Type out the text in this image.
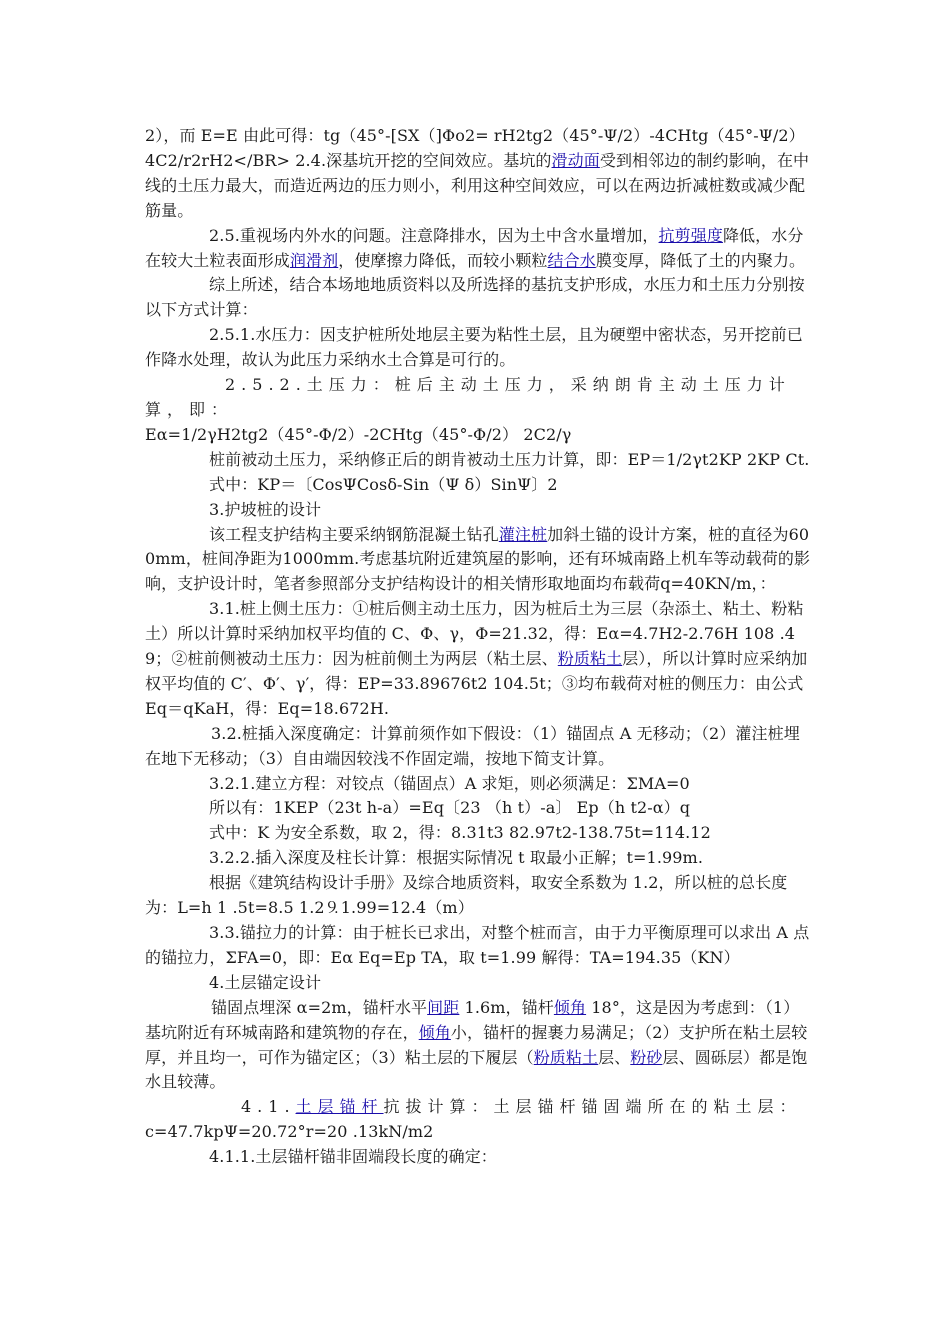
2），而 E=E 由此可得：tg（45°-[SX（]Φo2= rH2tg2（45°-Ψ/2）-4CHtg（45°-Ψ/2） 4C2/r2rH2</BR> 2.4.深基坑开挖的空间效应。基坑的滑动面受到相邻边的制约影响，在中线的土压力最大，而造近两边的压力则小，利用这种空间效应，可以在两边折减桩数或减少配筋量。

2.5.重视场内外水的问题。注意降排水，因为土中含水量增加，抗剪强度降低，水分在较大土粒表面形成润滑剂，使摩擦力降低，而较小颗粒结合水膜变厚，降低了土的内聚力。

综上所述，结合本场地地质资料以及所选择的基抗支护形成，水压力和土压力分别按以下方式计算：

2.5.1.水压力：因支护桩所处地层主要为粘性土层，且为硬塑中密状态，另开挖前已作降水处理，故认为此压力采纳水土合算是可行的。

2.5.2.土压力：桩后主动土压力，采纳朗肯主动土压力计算，即：

Eα=1/2γH2tg2（45°-Φ/2）-2CHtg（45°-Φ/2） 2C2/γ

桩前被动土压力，采纳修正后的朗肯被动土压力计算，即：EP＝1/2γt2KP 2KP Ct.

式中：KP＝〔CosΨCosδ-Sin（Ψ δ）SinΨ〕2

3.护坡桩的设计

该工程支护结构主要采纳钢筋混凝土钻孔灌注桩加斜土锚的设计方案，桩的直径为600mm，桩间净距为1000mm.考虑基坑附近建筑屋的影响，还有环城南路上机车等动载荷的影响，支护设计时，笔者参照部分支护结构设计的相关情形取地面均布载荷q=40KN/m，：

3.1.桩上侧土压力：①桩后侧主动土压力，因为桩后土为三层（杂添土、粘土、粉粘土）所以计算时采纳加权平均值的 C、Φ、γ，Φ=21.32，得：Eα=4.7H2-2.76H 108 .49；②桩前侧被动土压力：因为桩前侧土为两层（粘土层、粉质粘土层），所以计算时应采纳加权平均值的 C′、Φ′、γ′，得：EP=33.89676t2 104.5t；③均布载荷对桩的侧压力：由公式 Eq＝qKaH，得：Eq=18.672H.

3.2.桩插入深度确定：计算前须作如下假设：（1）锚固点 A 无移动；（2）灌注桩埋在地下无移动；（3）自由端因较浅不作固定端，按地下简支计算。

3.2.1.建立方程：对铰点（锚固点）A 求矩，则必须满足：ΣMA=0

所以有：1KEP（23t h-a）=Eq〔23 （h t）-a〕 Ep（h t2-α）q

式中：K 为安全系数，取 2，得：8.31t3 82.97t2-138.75t=114.12

3.2.2.插入深度及柱长计算：根据实际情况 t 取最小正解；t=1.99m.

根据《建筑结构设计手册》及综合地质资料，取安全系数为 1.2，所以桩的总长度为：L=h 1 .5t=8.5 1.2⒐1.99=12.4（m）

3.3.锚拉力的计算：由于桩长已求出，对整个桩而言，由于力平衡原理可以求出 A 点的锚拉力，ΣFA=0，即：Eα Eq=Ep TA，取 t=1.99 解得：TA=194.35（KN）

4.土层锚定设计

锚固点埋深 α=2m，锚杆水平间距 1.6m，锚杆倾角 18°，这是因为考虑到：（1）基坑附近有环城南路和建筑物的存在，倾角小，锚杆的握裹力易满足；（2）支护所在粘土层较厚，并且均一，可作为锚定区；（3）粘土层的下履层（粉质粘土层、粉砂层、圆砾层）都是饱水且较薄。

4.1.土层锚杆抗拔计算：土层锚杆锚固端所在的粘土层：

c=47.7kpΨ=20.72°r=20 .13kN/m2

4.1.1.土层锚杆锚非固端段长度的确定：
